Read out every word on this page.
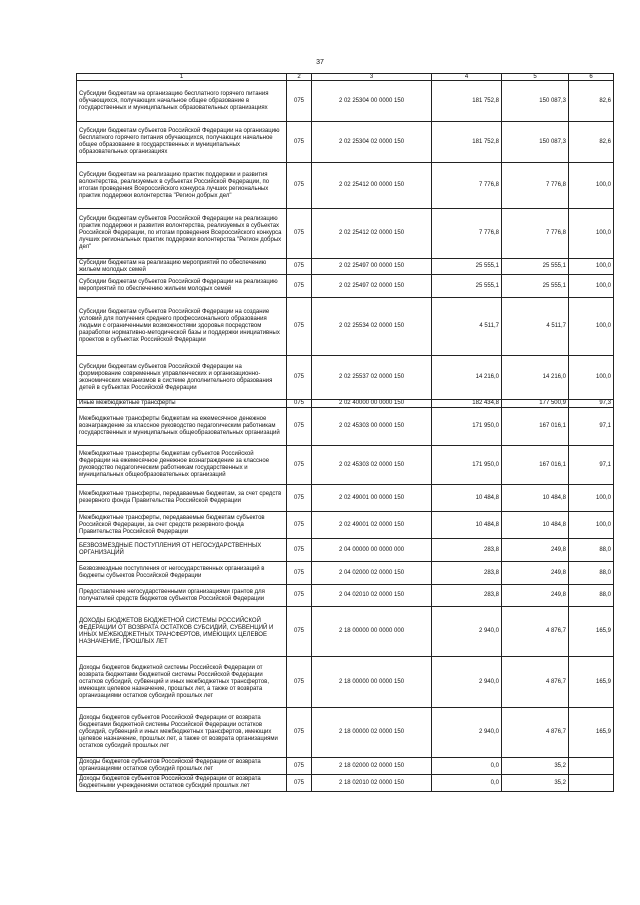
37
1	2	3	4	5	6
Субсидии бюджетам на организацию бесплатного горячего питания обучающихся, получающих начальное общее образование в государственных и муниципальных образовательных организациях	075	2 02 25304 00 0000 150	181 752,8	150 087,3	82,6
Субсидии бюджетам субъектов Российской Федерации на организацию бесплатного горячего питания обучающихся, получающих начальное общее образование в государственных и муниципальных образовательных организациях	075	2 02 25304 02 0000 150	181 752,8	150 087,3	82,6
Субсидии бюджетам на реализацию практик поддержки и развития волонтерства, реализуемых в субъектах Российской Федерации, по итогам проведения Всероссийского конкурса лучших региональных практик поддержки волонтерства "Регион добрых дел"	075	2 02 25412 00 0000 150	7 776,8	7 776,8	100,0
Субсидии бюджетам субъектов Российской Федерации на реализацию практик поддержки и развития волонтерства, реализуемых в субъектах Российской Федерации, по итогам проведения Всероссийского конкурса лучших региональных практик поддержки волонтерства "Регион добрых дел"	075	2 02 25412 02 0000 150	7 776,8	7 776,8	100,0
Субсидии бюджетам на реализацию мероприятий по обеспечению жильем молодых семей	075	2 02 25497 00 0000 150	25 555,1	25 555,1	100,0
Субсидии бюджетам субъектов Российской Федерации на реализацию мероприятий по обеспечению жильем молодых семей	075	2 02 25497 02 0000 150	25 555,1	25 555,1	100,0
Субсидии бюджетам субъектов Российской Федерации на создание условий для получения среднего профессионального образования людьми с ограниченными возможностями здоровья посредством разработки нормативно-методической базы и поддержки инициативных проектов в субъектах Российской Федерации	075	2 02 25534 02 0000 150	4 511,7	4 511,7	100,0
Субсидии бюджетам субъектов Российской Федерации на формирование современных управленческих и организационно-экономических механизмов в системе дополнительного образования детей в субъектах Российской Федерации	075	2 02 25537 02 0000 150	14 216,0	14 216,0	100,0
Иные межбюджетные трансферты	075	2 02 40000 00 0000 150	182 434,8	177 500,9	97,3
Межбюджетные трансферты бюджетам на ежемесячное денежное вознаграждение за классное руководство педагогическим работникам государственных и муниципальных общеобразовательных организаций	075	2 02 45303 00 0000 150	171 950,0	167 016,1	97,1
Межбюджетные трансферты бюджетам субъектов Российской Федерации на ежемесячное денежное вознаграждение за классное руководство педагогическим работникам государственных и муниципальных общеобразовательных организаций	075	2 02 45303 02 0000 150	171 950,0	167 016,1	97,1
Межбюджетные трансферты, передаваемые бюджетам, за счет средств резервного фонда Правительства Российской Федерации	075	2 02 49001 00 0000 150	10 484,8	10 484,8	100,0
Межбюджетные трансферты, передаваемые бюджетам субъектов Российской Федерации, за счет средств резервного фонда Правительства Российской Федерации	075	2 02 49001 02 0000 150	10 484,8	10 484,8	100,0
БЕЗВОЗМЕЗДНЫЕ ПОСТУПЛЕНИЯ ОТ НЕГОСУДАРСТВЕННЫХ ОРГАНИЗАЦИЙ	075	2 04 00000 00 0000 000	283,8	249,8	88,0
Безвозмездные поступления от негосударственных организаций в бюджеты субъектов Российской Федерации	075	2 04 02000 02 0000 150	283,8	249,8	88,0
Предоставление негосударственными организациями грантов для получателей средств бюджетов субъектов Российской Федерации	075	2 04 02010 02 0000 150	283,8	249,8	88,0
ДОХОДЫ БЮДЖЕТОВ БЮДЖЕТНОЙ СИСТЕМЫ РОССИЙСКОЙ ФЕДЕРАЦИИ ОТ ВОЗВРАТА ОСТАТКОВ СУБСИДИЙ, СУБВЕНЦИЙ И ИНЫХ МЕЖБЮДЖЕТНЫХ ТРАНСФЕРТОВ, ИМЕЮЩИХ ЦЕЛЕВОЕ НАЗНАЧЕНИЕ, ПРОШЛЫХ ЛЕТ	075	2 18 00000 00 0000 000	2 940,0	4 876,7	165,9
Доходы бюджетов бюджетной системы Российской Федерации от возврата бюджетами бюджетной системы Российской Федерации остатков субсидий, субвенций и иных межбюджетных трансфертов, имеющих целевое назначение, прошлых лет, а также от возврата организациями остатков субсидий прошлых лет	075	2 18 00000 00 0000 150	2 940,0	4 876,7	165,9
Доходы бюджетов субъектов Российской Федерации от возврата бюджетами бюджетной системы Российской Федерации остатков субсидий, субвенций и иных межбюджетных трансфертов, имеющих целевое назначение, прошлых лет, а также от возврата организациями остатков субсидий прошлых лет	075	2 18 00000 02 0000 150	2 940,0	4 876,7	165,9
Доходы бюджетов субъектов Российской Федерации от возврата организациями остатков субсидий прошлых лет	075	2 18 02000 02 0000 150	0,0	35,2	
Доходы бюджетов субъектов Российской Федерации от возврата бюджетными учреждениями остатков субсидий прошлых лет	075	2 18 02010 02 0000 150	0,0	35,2	
